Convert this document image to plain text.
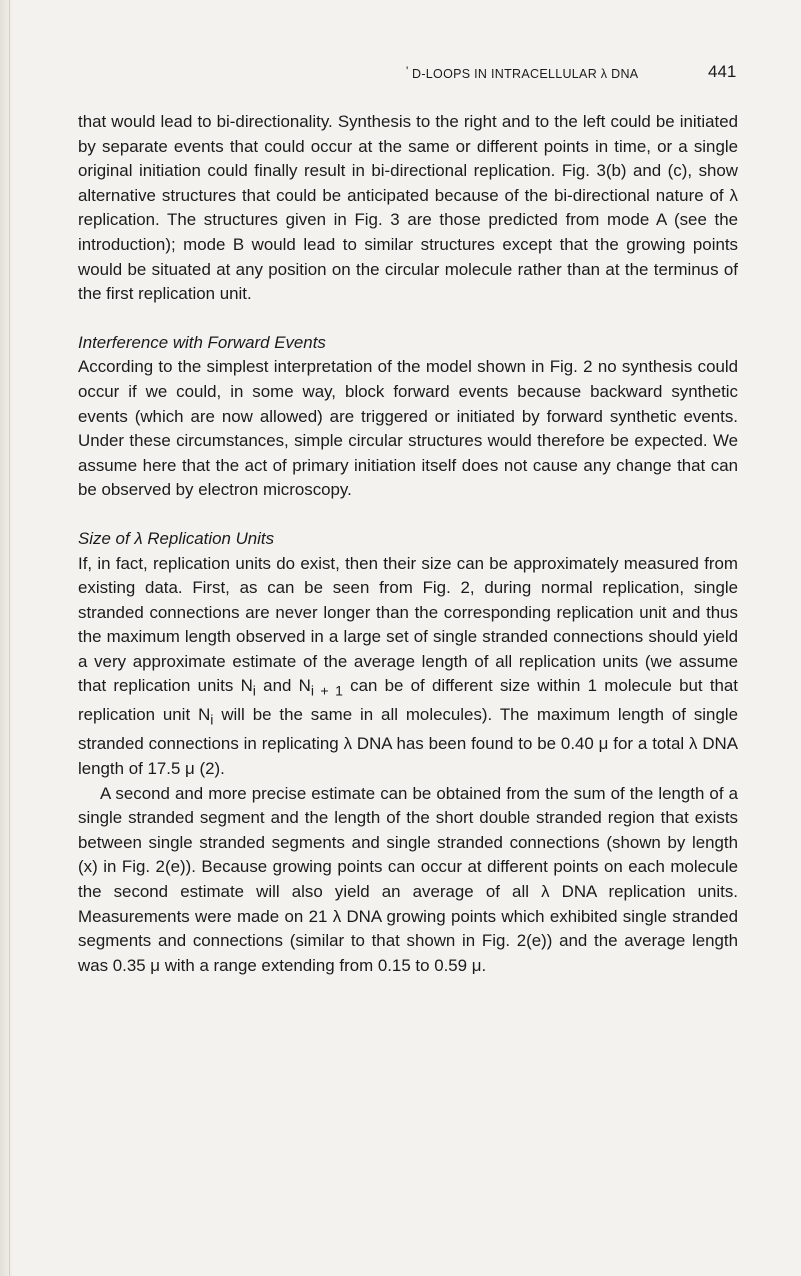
' D-LOOPS IN INTRACELLULAR λ DNA	441

that would lead to bi-directionality. Synthesis to the right and to the left could be initiated by separate events that could occur at the same or different points in time, or a single original initiation could finally result in bi-directional replication. Fig. 3(b) and (c), show alternative structures that could be anticipated because of the bi-directional nature of λ replication. The structures given in Fig. 3 are those predicted from mode A (see the introduction); mode B would lead to similar structures except that the growing points would be situated at any position on the circular molecule rather than at the terminus of the first replication unit.

Interference with Forward Events

According to the simplest interpretation of the model shown in Fig. 2 no synthesis could occur if we could, in some way, block forward events because backward synthetic events (which are now allowed) are triggered or initiated by forward synthetic events. Under these circumstances, simple circular structures would therefore be expected. We assume here that the act of primary initiation itself does not cause any change that can be observed by electron microscopy.

Size of λ Replication Units

If, in fact, replication units do exist, then their size can be approximately measured from existing data. First, as can be seen from Fig. 2, during normal replication, single stranded connections are never longer than the corresponding replication unit and thus the maximum length observed in a large set of single stranded connections should yield a very approximate estimate of the average length of all replication units (we assume that replication units $N_i$ and $N_{i + 1}$ can be of different size within 1 molecule but that replication unit $N_i$ will be the same in all molecules). The maximum length of single stranded connections in replicating λ DNA has been found to be 0.40 μ for a total λ DNA length of 17.5 μ (2).

A second and more precise estimate can be obtained from the sum of the length of a single stranded segment and the length of the short double stranded region that exists between single stranded segments and single stranded connections (shown by length (x) in Fig. 2(e)). Because growing points can occur at different points on each molecule the second estimate will also yield an average of all λ DNA replication units. Measurements were made on 21 λ DNA growing points which exhibited single stranded segments and connections (similar to that shown in Fig. 2(e)) and the average length was 0.35 μ with a range extending from 0.15 to 0.59 μ.
